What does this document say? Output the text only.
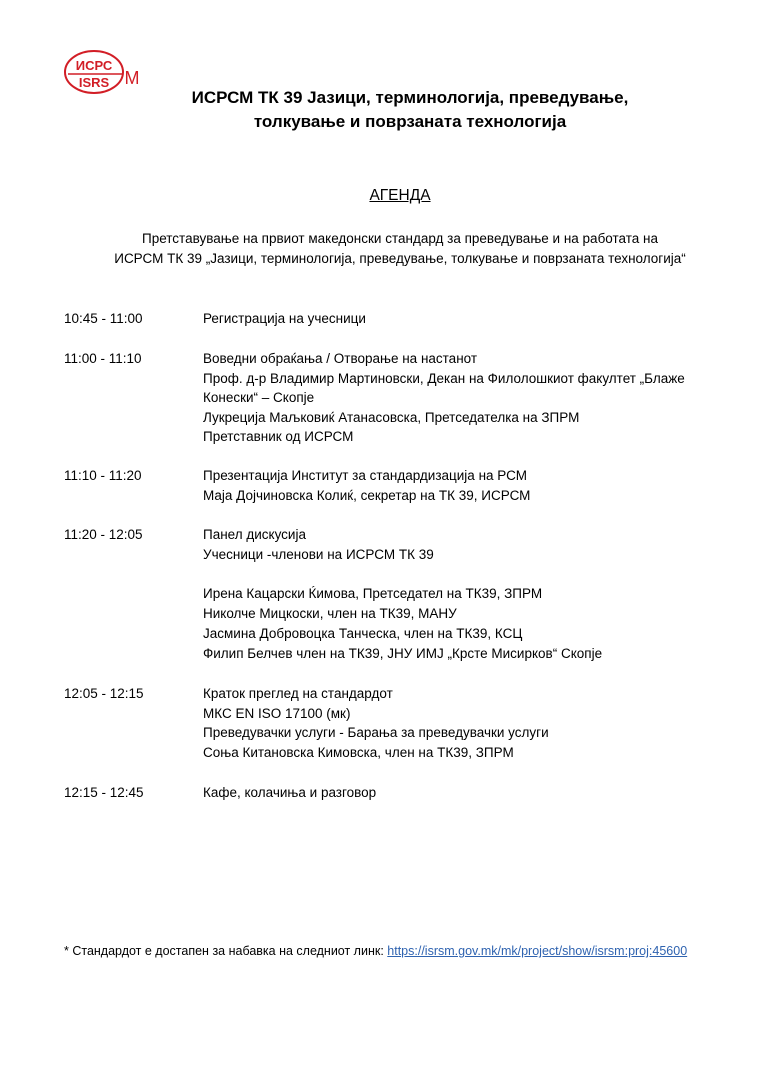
ИСРС
ISRS М
ИСРСМ ТК 39 Јазици, терминологија, преведување,
толкување и поврзаната технологија
АГЕНДА
Претставување на првиот македонски стандард за преведување и на работата на
ИСРСМ ТК 39 „Јазици, терминологија, преведување, толкување и поврзаната технологија“
10:45 - 11:00	Регистрација на учесници
11:00 - 11:10	Воведни обраќања / Отворање на настанот
Проф. д-р Владимир Мартиновски, Декан на Филолошкиот факултет „Блаже
Конески“ – Скопје
Лукреција Маљковиќ Атанасовска, Претседателка на ЗПРМ
Претставник од ИСРСМ
11:10 - 11:20	Презентација Институт за стандардизација на РСМ
Маја Дојчиновска Колиќ, секретар на ТК 39, ИСРСМ
11:20 - 12:05	Панел дискусија
Учесници -членови на ИСРСМ ТК 39
Ирена Кацарски Ќимова, Претседател на ТК39, ЗПРМ
Николче Мицкоски, член на ТК39, МАНУ
Јасмина Добровоцка Танческа, член на ТК39, КСЦ
Филип Белчев член на ТК39, ЈНУ ИМЈ „Крсте Мисирков“ Скопје
12:05 - 12:15	Краток преглед на стандардот
МКС EN ISO 17100 (мк)
Преведувачки услуги - Барања за преведувачки услуги
Соња Китановска Кимовска, член на ТК39, ЗПРМ
12:15 - 12:45	Кафе, колачиња и разговор
* Стандардот е достапен за набавка на следниот линк: https://isrsm.gov.mk/mk/project/show/isrsm:proj:45600
